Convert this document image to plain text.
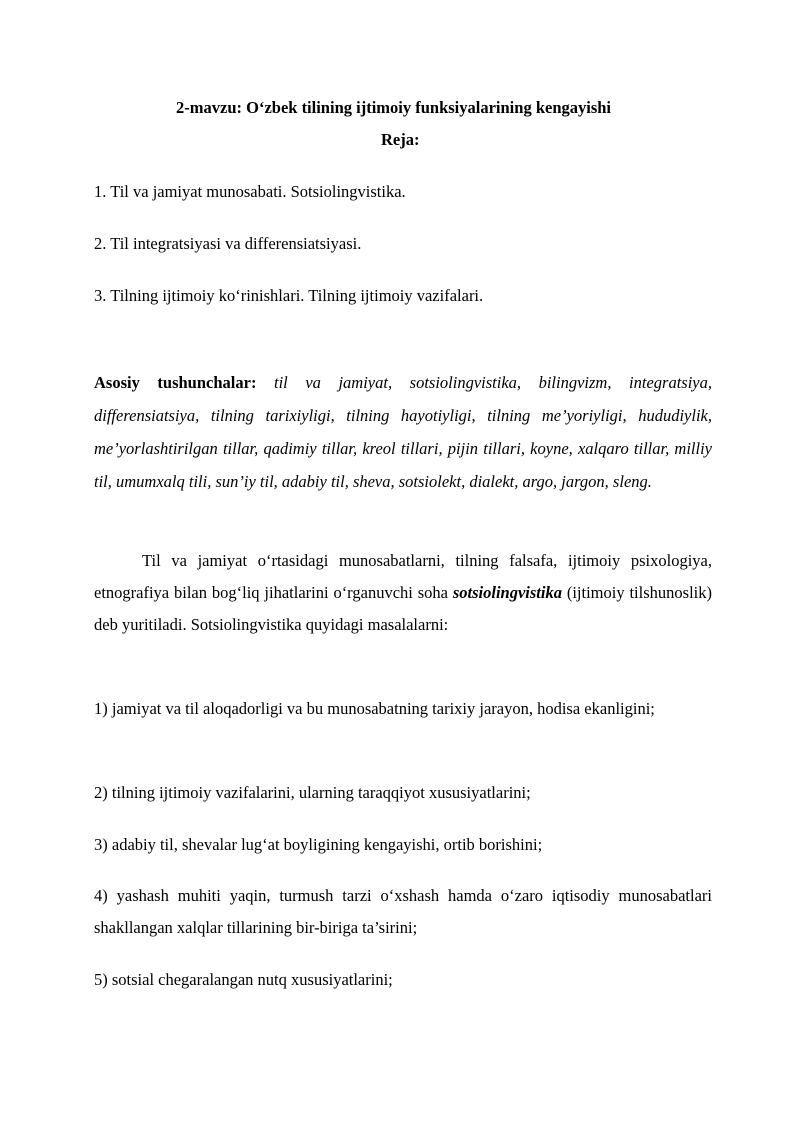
2-mavzu: O‘zbek tilining ijtimoiy funksiyalarining kengayishi
Reja:
1. Til va jamiyat munosabati. Sotsiolingvistika.
2. Til integratsiyasi va differensiatsiyasi.
3. Tilning ijtimoiy ko‘rinishlari. Tilning ijtimoiy vazifalari.
Asosiy tushunchalar: til va jamiyat, sotsiolingvistika, bilingvizm, integratsiya, differensiatsiya, tilning tarixiyligi, tilning hayotiyligi, tilning me’yoriyligi, hududiylik, me’yorlashtirilgan tillar, qadimiy tillar, kreol tillari, pijin tillari, koyne, xalqaro tillar, milliy til, umumxalq tili, sun’iy til, adabiy til, sheva, sotsiolekt, dialekt, argo, jargon, sleng.
Til va jamiyat o‘rtasidagi munosabatlarni, tilning falsafa, ijtimoiy psixologiya, etnografiya bilan bog‘liq jihatlarini o‘rganuvchi soha sotsiolingvistika (ijtimoiy tilshunoslik) deb yuritiladi. Sotsiolingvistika quyidagi masalalarni:
1) jamiyat va til aloqadorligi va bu munosabatning tarixiy jarayon, hodisa ekanligini;
2) tilning ijtimoiy vazifalarini, ularning taraqqiyot xususiyatlarini;
3) adabiy til, shevalar lug‘at boyligining kengayishi, ortib borishini;
4) yashash muhiti yaqin, turmush tarzi o‘xshash hamda o‘zaro iqtisodiy munosabatlari shakllangan xalqlar tillarining bir-biriga ta’sirini;
5) sotsial chegaralangan nutq xususiyatlarini;
